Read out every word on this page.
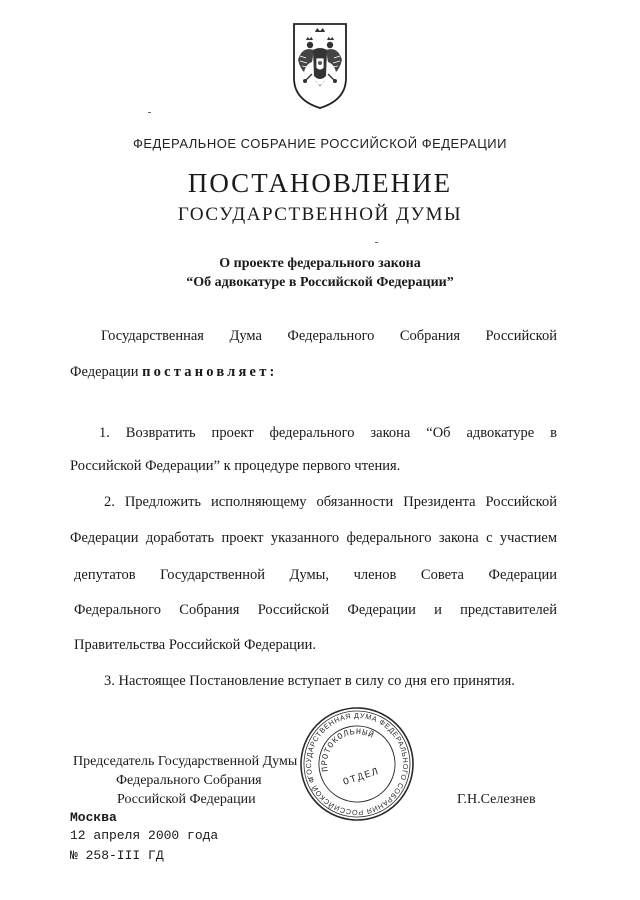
ФЕДЕРАЛЬНОЕ СОБРАНИЕ РОССИЙСКОЙ ФЕДЕРАЦИИ
ПОСТАНОВЛЕНИЕ
ГОСУДАРСТВЕННОЙ ДУМЫ
О проекте федерального закона
“Об адвокатуре в Российской Федерации”
Государственная Дума Федерального Собрания Российской
Федерации постановляет:
1. Возвратить проект федерального закона “Об адвокатуре в
Российской Федерации” к процедуре первого чтения.
2. Предложить исполняющему обязанности Президента Российской
Федерации доработать проект указанного федерального закона с участием
депутатов Государственной Думы, членов Совета Федерации
Федерального Собрания Российской Федерации и представителей
Правительства Российской Федерации.
3. Настоящее Постановление вступает в силу со дня его принятия.
Председатель Государственной Думы
Федерального Собрания
Российской Федерации	Г.Н.Селезнев
ГОСУДАРСТВЕННАЯ ДУМА ФЕДЕРАЛЬНОГО СОБРАНИЯ РОССИЙСКОЙ ФЕДЕРАЦИИ
ПРОТОКОЛЬНЫЙ
ОТДЕЛ
Москва
12 апреля 2000 года
№ 258-III ГД
